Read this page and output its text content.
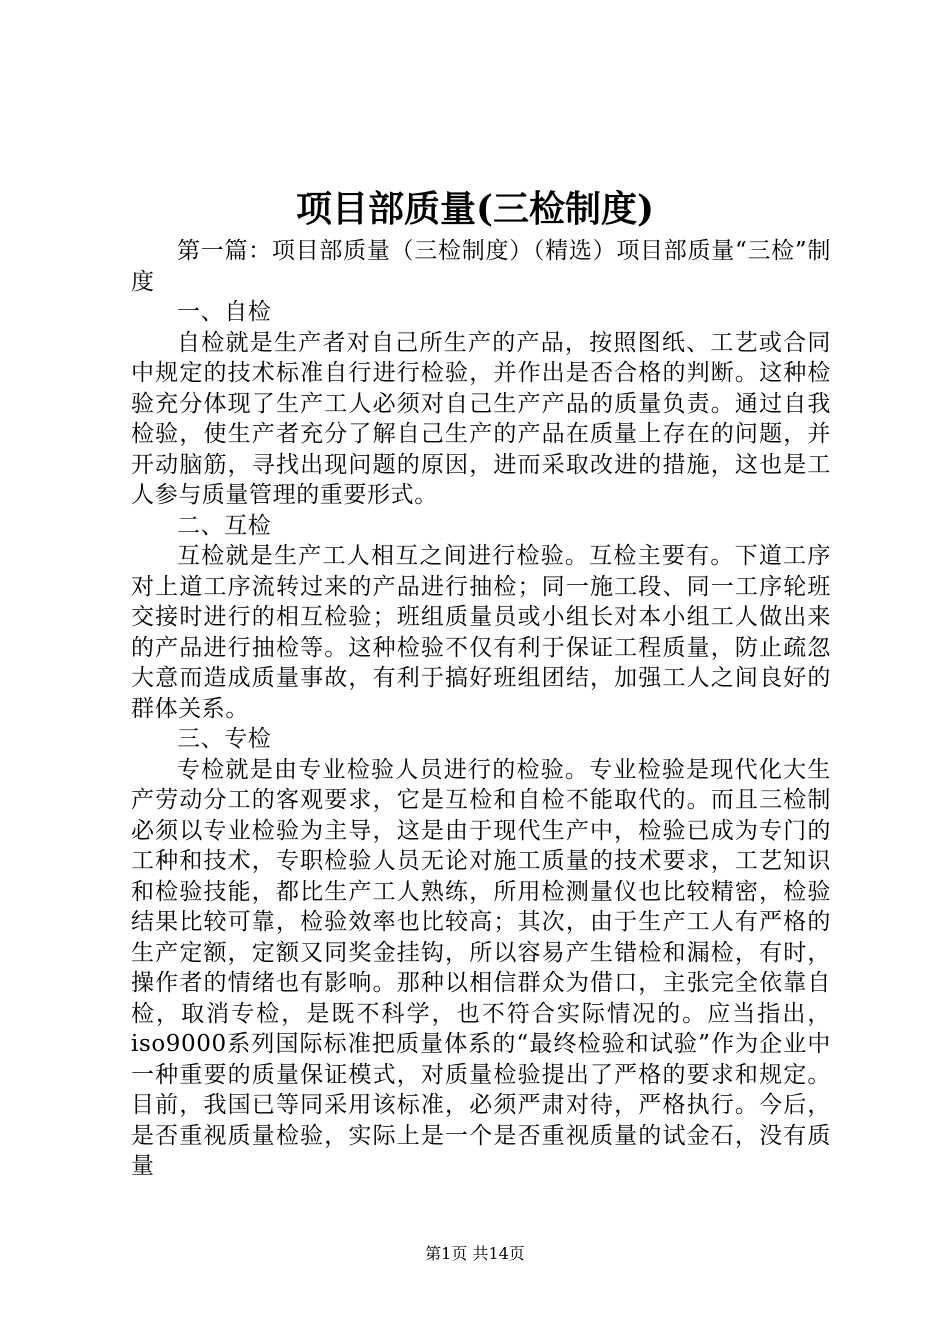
项目部质量(三检制度)

第一篇：项目部质量（三检制度）（精选）项目部质量“三检”制度

一、自检

自检就是生产者对自己所生产的产品，按照图纸、工艺或合同中规定的技术标准自行进行检验，并作出是否合格的判断。这种检验充分体现了生产工人必须对自己生产产品的质量负责。通过自我检验，使生产者充分了解自己生产的产品在质量上存在的问题，并开动脑筋，寻找出现问题的原因，进而采取改进的措施，这也是工人参与质量管理的重要形式。

二、互检

互检就是生产工人相互之间进行检验。互检主要有。下道工序对上道工序流转过来的产品进行抽检；同一施工段、同一工序轮班交接时进行的相互检验；班组质量员或小组长对本小组工人做出来的产品进行抽检等。这种检验不仅有利于保证工程质量，防止疏忽大意而造成质量事故，有利于搞好班组团结，加强工人之间良好的群体关系。

三、专检

专检就是由专业检验人员进行的检验。专业检验是现代化大生产劳动分工的客观要求，它是互检和自检不能取代的。而且三检制必须以专业检验为主导，这是由于现代生产中，检验已成为专门的工种和技术，专职检验人员无论对施工质量的技术要求，工艺知识和检验技能，都比生产工人熟练，所用检测量仪也比较精密，检验结果比较可靠，检验效率也比较高；其次，由于生产工人有严格的生产定额，定额又同奖金挂钩，所以容易产生错检和漏检，有时，操作者的情绪也有影响。那种以相信群众为借口，主张完全依靠自检，取消专检，是既不科学，也不符合实际情况的。应当指出，iso9000系列国际标准把质量体系的“最终检验和试验”作为企业中一种重要的质量保证模式，对质量检验提出了严格的要求和规定。目前，我国已等同采用该标准，必须严肃对待，严格执行。今后，是否重视质量检验，实际上是一个是否重视质量的试金石，没有质量

第1页 共14页
